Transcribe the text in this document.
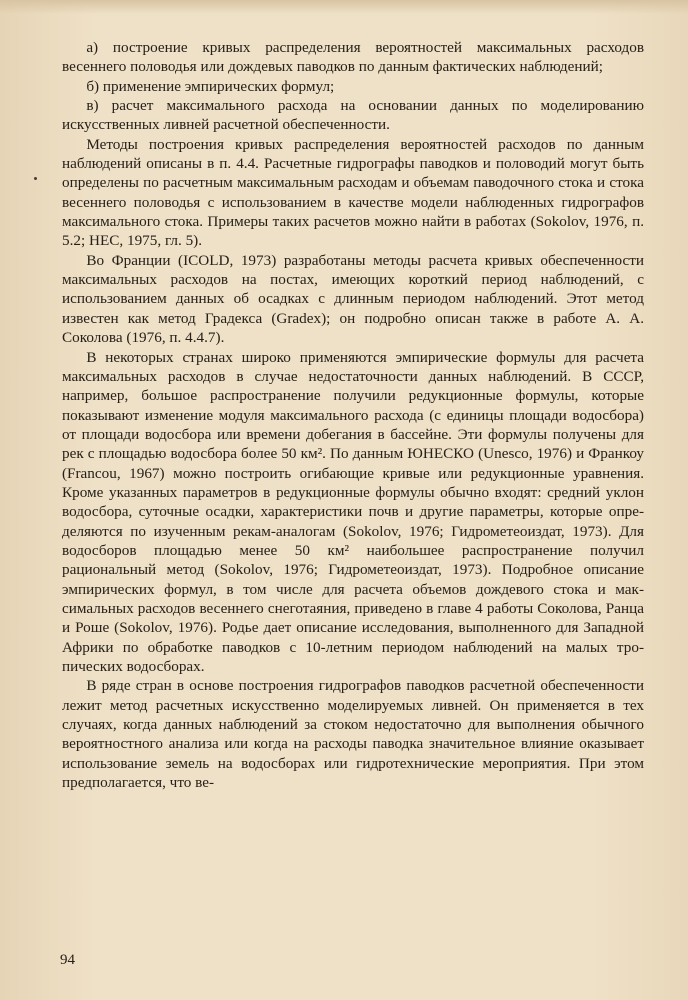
а) построение кривых распределения вероятностей максимальных расходов весеннего половодья или дождевых паводков по данным фактических наблюдений;

б) применение эмпирических формул;

в) расчет максимального расхода на основании данных по моделированию искусственных ливней расчетной обеспеченности.

Методы построения кривых распределения вероятностей расходов по данным наблюдений описаны в п. 4.4. Расчетные гидрографы паводков и половодий могут быть определены по расчетным максимальным расходам и объемам паводочного стока и стока весеннего половодья с использованием в качестве модели наблюденных гидрографов максимального стока. Примеры таких расчетов можно найти в работах (Sokolov, 1976, п. 5.2; HEC, 1975, гл. 5).

Во Франции (ICOLD, 1973) разработаны методы расчета кривых обеспеченности максимальных расходов на постах, имеющих короткий период наблюдений, с использованием данных об осадках с длинным периодом наблюдений. Этот метод известен как метод Градекса (Gradex); он подробно описан также в работе А. А. Соколова (1976, п. 4.4.7).

В некоторых странах широко применяются эмпирические формулы для расчета максимальных расходов в случае недостаточности данных наблюдений. В СССР, например, большое распространение получили редукционные формулы, которые показывают изменение модуля максимального расхода (с единицы площади водосбора) от площади водосбора или времени добегания в бассейне. Эти формулы получены для рек с площадью водосбора более 50 км². По данным ЮНЕСКО (Unesco, 1976) и Франкоу (Francou, 1967) можно построить огибающие кривые или редукционные уравнения. Кроме указанных параметров в редукционные формулы обычно входят: средний уклон водосбора, суточные осадки, характеристики почв и другие параметры, которые определяются по изученным рекам-аналогам (Sokolov, 1976; Гидрометеоиздат, 1973). Для водосборов площадью менее 50 км² наибольшее распространение получил рациональный метод (Sokolov, 1976; Гидрометеоиздат, 1973). Подробное описание эмпирических формул, в том числе для расчета объемов дождевого стока и максимальных расходов весеннего снеготаяния, приведено в главе 4 работы Соколова, Ранца и Роше (Sokolov, 1976). Родье дает описание исследования, выполненного для Западной Африки по обработке паводков с 10-летним периодом наблюдений на малых тропических водосборах.

В ряде стран в основе построения гидрографов паводков расчетной обеспеченности лежит метод расчетных искусственно моделируемых ливней. Он применяется в тех случаях, когда данных наблюдений за стоком недостаточно для выполнения обычного вероятностного анализа или когда на расходы паводка значительное влияние оказывает использование земель на водосборах или гидротехнические мероприятия. При этом предполагается, что ве-

94
